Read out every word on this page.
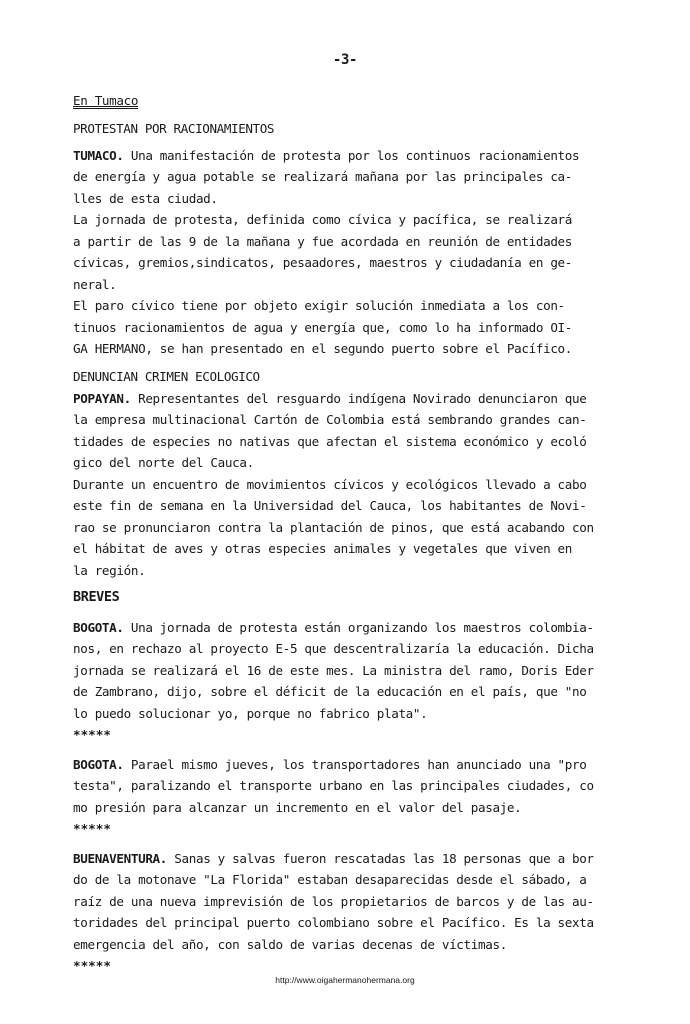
-3-
En Tumaco
PROTESTAN POR RACIONAMIENTOS

TUMACO. Una manifestación de protesta por los continuos racionamientos
de energía y agua potable se realizará mañana por las principales ca-
lles de esta ciudad.

La jornada de protesta, definida como cívica y pacífica, se realizará
a partir de las 9 de la mañana y fue acordada en reunión de entidades
cívicas, gremios,sindicatos, pesaadores, maestros y ciudadanía en ge-
neral.

El paro cívico tiene por objeto exigir solución inmediata a los con-
tinuos racionamientos de agua y energía que, como lo ha informado OI-
GA HERMANO, se han presentado en el segundo puerto sobre el Pacífico.

DENUNCIAN CRIMEN ECOLOGICO

POPAYAN. Representantes del resguardo indígena Novirado denunciaron que
la empresa multinacional Cartón de Colombia está sembrando grandes can-
tidades de especies no nativas que afectan el sistema económico y ecoló
gico del norte del Cauca.

Durante un encuentro de movimientos cívicos y ecológicos llevado a cabo
este fin de semana en la Universidad del Cauca, los habitantes de Novi-
rao se pronunciaron contra la plantación de pinos, que está acabando con
el hábitat de aves y otras especies animales y vegetales que viven en
la región.

BREVES

BOGOTA. Una jornada de protesta están organizando los maestros colombia-
nos, en rechazo al proyecto E-5 que descentralizaría la educación. Dicha
jornada se realizará el 16 de este mes. La ministra del ramo, Doris Eder
de Zambrano, dijo, sobre el déficit de la educación en el país, que "no
lo puedo solucionar yo, porque no fabrico plata".

*****

BOGOTA. Parael mismo jueves, los transportadores han anunciado una "pro
testa", paralizando el transporte urbano en las principales ciudades, co
mo presión para alcanzar un incremento en el valor del pasaje.

*****

BUENAVENTURA. Sanas y salvas fueron rescatadas las 18 personas que a bor
do de la motonave "La Florida" estaban desaparecidas desde el sábado, a
raíz de una nueva imprevisión de los propietarios de barcos y de las au-
toridades del principal puerto colombiano sobre el Pacífico. Es la sexta
emergencia del año, con saldo de varias decenas de víctimas.

*****

http://www.oigahermanohermana.org
